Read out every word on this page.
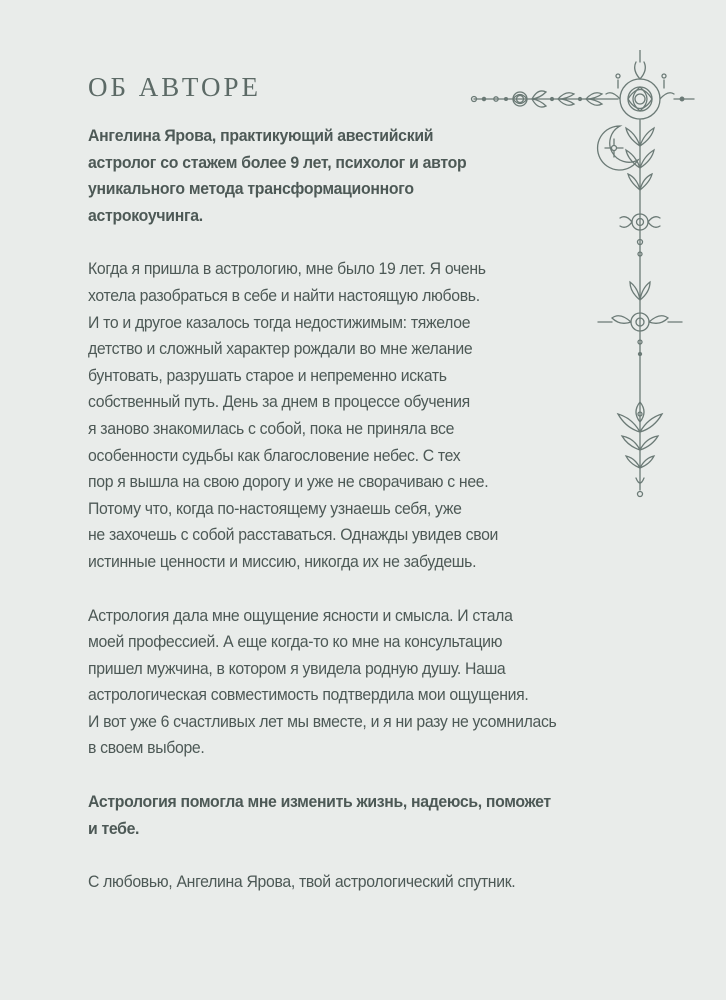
ОБ АВТОРЕ

Ангелина Ярова, практикующий авестийский
астролог со стажем более 9 лет, психолог и автор
уникального метода трансформационного
астрокоучинга.

Когда я пришла в астрологию, мне было 19 лет. Я очень
хотела разобраться в себе и найти настоящую любовь.
И то и другое казалось тогда недостижимым: тяжелое
детство и сложный характер рождали во мне желание
бунтовать, разрушать старое и непременно искать
собственный путь. День за днем в процессе обучения
я заново знакомилась с собой, пока не приняла все
особенности судьбы как благословение небес. С тех
пор я вышла на свою дорогу и уже не сворачиваю с нее.
Потому что, когда по-настоящему узнаешь себя, уже
не захочешь с собой расставаться. Однажды увидев свои
истинные ценности и миссию, никогда их не забудешь.

Астрология дала мне ощущение ясности и смысла. И стала
моей профессией. А еще когда-то ко мне на консультацию
пришел мужчина, в котором я увидела родную душу. Наша
астрологическая совместимость подтвердила мои ощущения.
И вот уже 6 счастливых лет мы вместе, и я ни разу не усомнилась
в своем выборе.

Астрология помогла мне изменить жизнь, надеюсь, поможет
и тебе.

С любовью, Ангелина Ярова, твой астрологический спутник.
